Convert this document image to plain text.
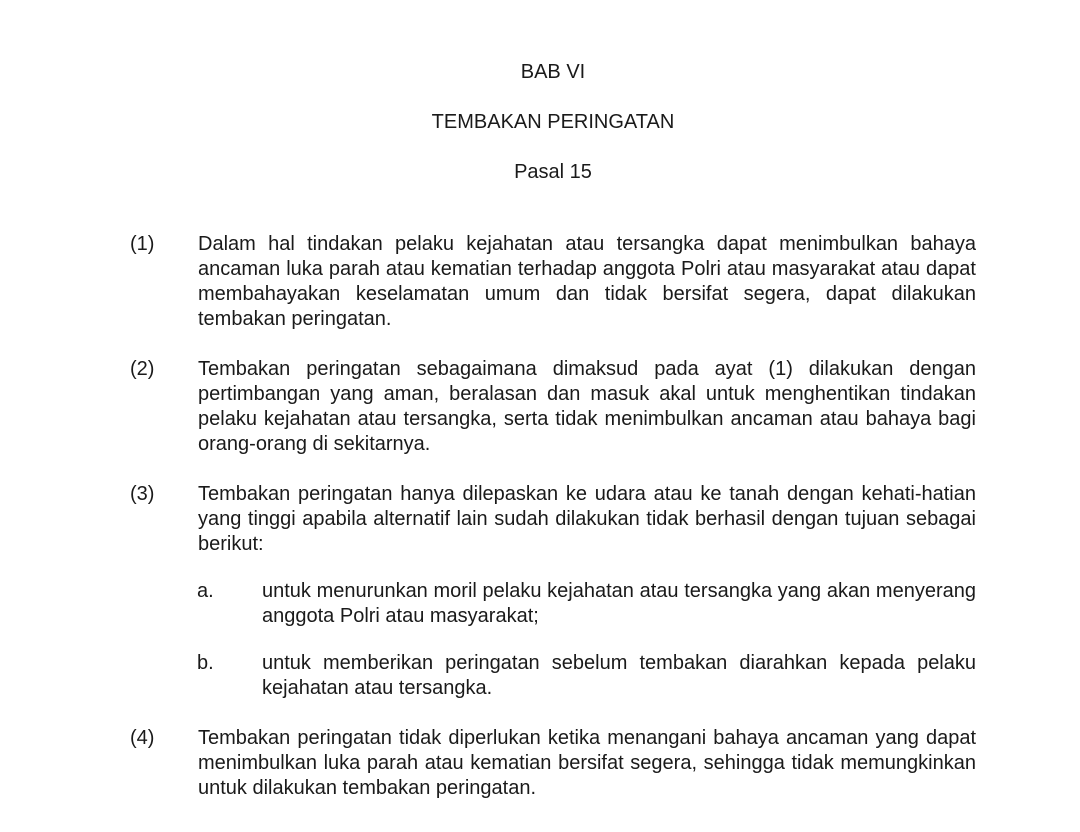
BAB VI
TEMBAKAN PERINGATAN
Pasal 15
(1) Dalam hal tindakan pelaku kejahatan atau tersangka dapat menimbulkan bahaya ancaman luka parah atau kematian terhadap anggota Polri atau masyarakat atau dapat membahayakan keselamatan umum dan tidak bersifat segera, dapat dilakukan tembakan peringatan.
(2) Tembakan peringatan sebagaimana dimaksud pada ayat (1) dilakukan dengan pertimbangan yang aman, beralasan dan masuk akal untuk menghentikan tindakan pelaku kejahatan atau tersangka, serta tidak menimbulkan ancaman atau bahaya bagi orang-orang di sekitarnya.
(3) Tembakan peringatan hanya dilepaskan ke udara atau ke tanah dengan kehati-hatian yang tinggi apabila alternatif lain sudah dilakukan tidak berhasil dengan tujuan sebagai berikut:
a. untuk menurunkan moril pelaku kejahatan atau tersangka yang akan menyerang anggota Polri atau masyarakat;
b. untuk memberikan peringatan sebelum tembakan diarahkan kepada pelaku kejahatan atau tersangka.
(4) Tembakan peringatan tidak diperlukan ketika menangani bahaya ancaman yang dapat menimbulkan luka parah atau kematian bersifat segera, sehingga tidak memungkinkan untuk dilakukan tembakan peringatan.
